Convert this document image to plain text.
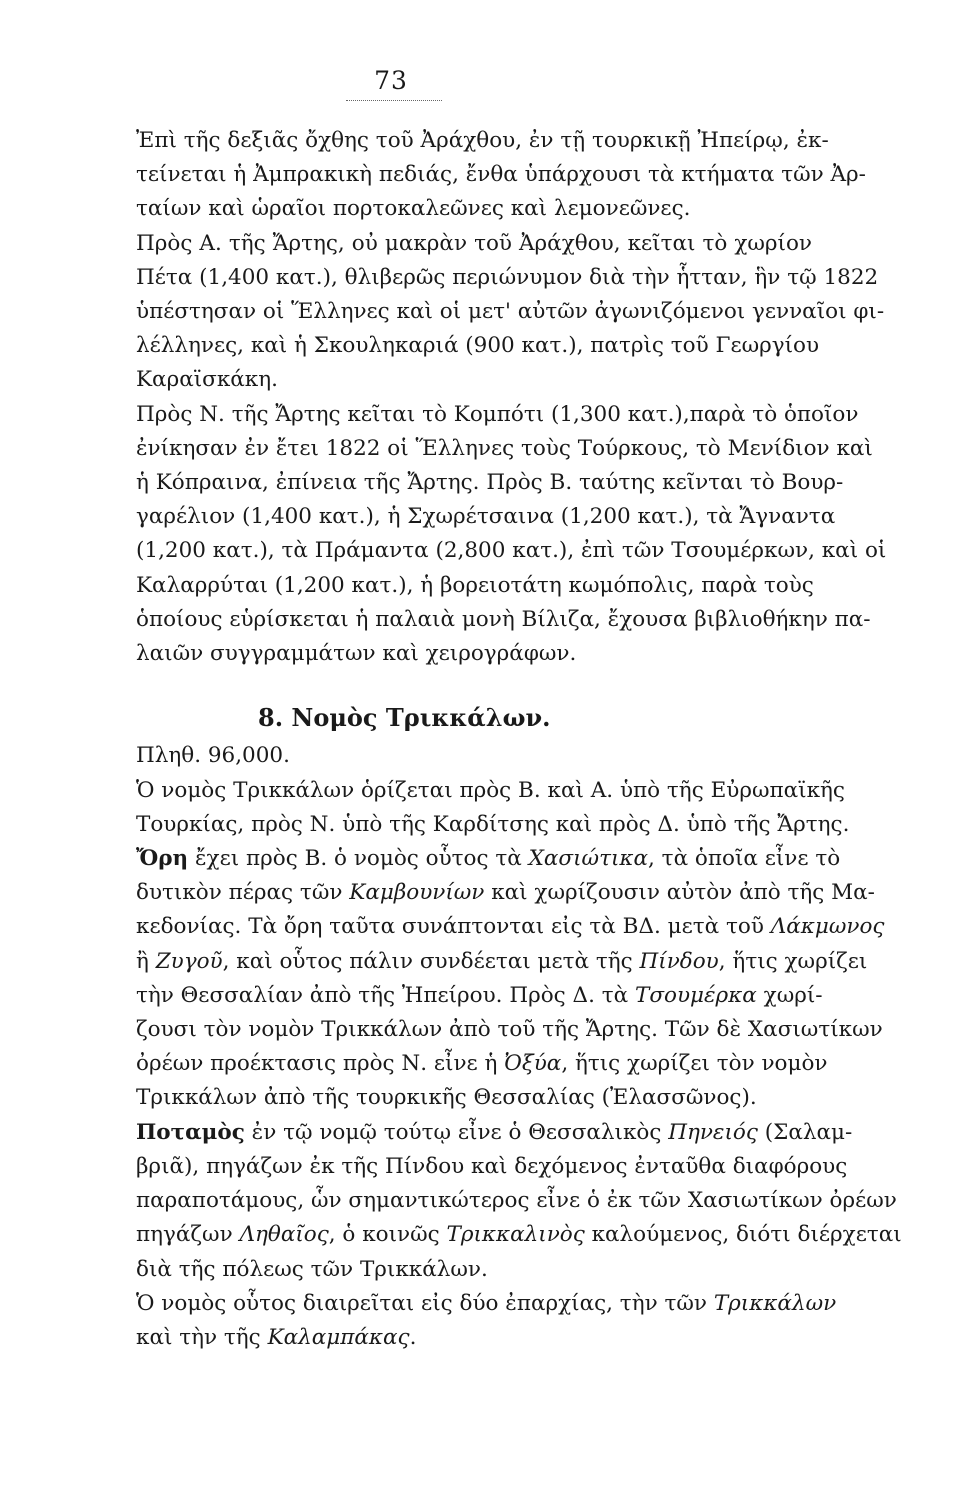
73
Ἐπὶ τῆς δεξιᾶς ὄχθης τοῦ Ἀράχθου, ἐν τῇ τουρκικῇ Ἠπείρῳ, ἐκ-
τείνεται ἡ Ἀμπρακικὴ πεδιάς, ἔνθα ὑπάρχουσι τὰ κτήματα τῶν Ἀρ-
ταίων καὶ ὡραῖοι πορτοκαλεῶνες καὶ λεμονεῶνες.
Πρὸς Α. τῆς Ἄρτης, οὐ μακρὰν τοῦ Ἀράχθου, κεῖται τὸ χωρίον
Πέτα (1,400 κατ.), θλιβερῶς περιώνυμον διὰ τὴν ἧτταν, ἣν τῷ 1822
ὑπέστησαν οἱ Ἕλληνες καὶ οἱ μετ' αὐτῶν ἀγωνιζόμενοι γενναῖοι φι-
λέλληνες, καὶ ἡ Σκουληκαριά (900 κατ.), πατρὶς τοῦ Γεωργίου
Καραϊσκάκη.
Πρὸς Ν. τῆς Ἄρτης κεῖται τὸ Κομπότι (1,300 κατ.),παρὰ τὸ ὁποῖον
ἐνίκησαν ἐν ἔτει 1822 οἱ Ἕλληνες τοὺς Τούρκους, τὸ Μενίδιον καὶ
ἡ Κόπραινα, ἐπίνεια τῆς Ἄρτης. Πρὸς Β. ταύτης κεῖνται τὸ Βουρ-
γαρέλιον (1,400 κατ.), ἡ Σχωρέτσαινα (1,200 κατ.), τὰ Ἄγναντα
(1,200 κατ.), τὰ Πράμαντα (2,800 κατ.), ἐπὶ τῶν Τσουμέρκων, καὶ οἱ
Καλαρρύται (1,200 κατ.), ἡ βορειοτάτη κωμόπολις, παρὰ τοὺς
ὁποίους εὑρίσκεται ἡ παλαιὰ μονὴ Βίλιζα, ἔχουσα βιβλιοθήκην πα-
λαιῶν συγγραμμάτων καὶ χειρογράφων.
8. Νομὸς Τρικκάλων.
Πληθ. 96,000.
Ὁ νομὸς Τρικκάλων ὁρίζεται πρὸς Β. καὶ Α. ὑπὸ τῆς Εὐρωπαϊκῆς
Τουρκίας, πρὸς Ν. ὑπὸ τῆς Καρδίτσης καὶ πρὸς Δ. ὑπὸ τῆς Ἄρτης.
Ὄρη ἔχει πρὸς Β. ὁ νομὸς οὗτος τὰ Χασιώτικα, τὰ ὁποῖα εἶνε τὸ
δυτικὸν πέρας τῶν Καμβουνίων καὶ χωρίζουσιν αὐτὸν ἀπὸ τῆς Μα-
κεδονίας. Τὰ ὄρη ταῦτα συνάπτονται εἰς τὰ ΒΔ. μετὰ τοῦ Λάκμωνος
ἢ Ζυγοῦ, καὶ οὗτος πάλιν συνδέεται μετὰ τῆς Πίνδου, ἥτις χωρίζει
τὴν Θεσσαλίαν ἀπὸ τῆς Ἠπείρου. Πρὸς Δ. τὰ Τσουμέρκα χωρί-
ζουσι τὸν νομὸν Τρικκάλων ἀπὸ τοῦ τῆς Ἄρτης. Τῶν δὲ Χασιωτίκων
ὀρέων προέκτασις πρὸς Ν. εἶνε ἡ Ὀξύα, ἥτις χωρίζει τὸν νομὸν
Τρικκάλων ἀπὸ τῆς τουρκικῆς Θεσσαλίας (Ἐλασσῶνος).
Ποταμὸς ἐν τῷ νομῷ τούτῳ εἶνε ὁ Θεσσαλικὸς Πηνειός (Σαλαμ-
βριᾶ), πηγάζων ἐκ τῆς Πίνδου καὶ δεχόμενος ἐνταῦθα διαφόρους
παραποτάμους, ὧν σημαντικώτερος εἶνε ὁ ἐκ τῶν Χασιωτίκων ὀρέων
πηγάζων Ληθαῖος, ὁ κοινῶς Τρικκαλινὸς καλούμενος, διότι διέρχεται
διὰ τῆς πόλεως τῶν Τρικκάλων.
Ὁ νομὸς οὗτος διαιρεῖται εἰς δύο ἐπαρχίας, τὴν τῶν Τρικκάλων
καὶ τὴν τῆς Καλαμπάκας.
